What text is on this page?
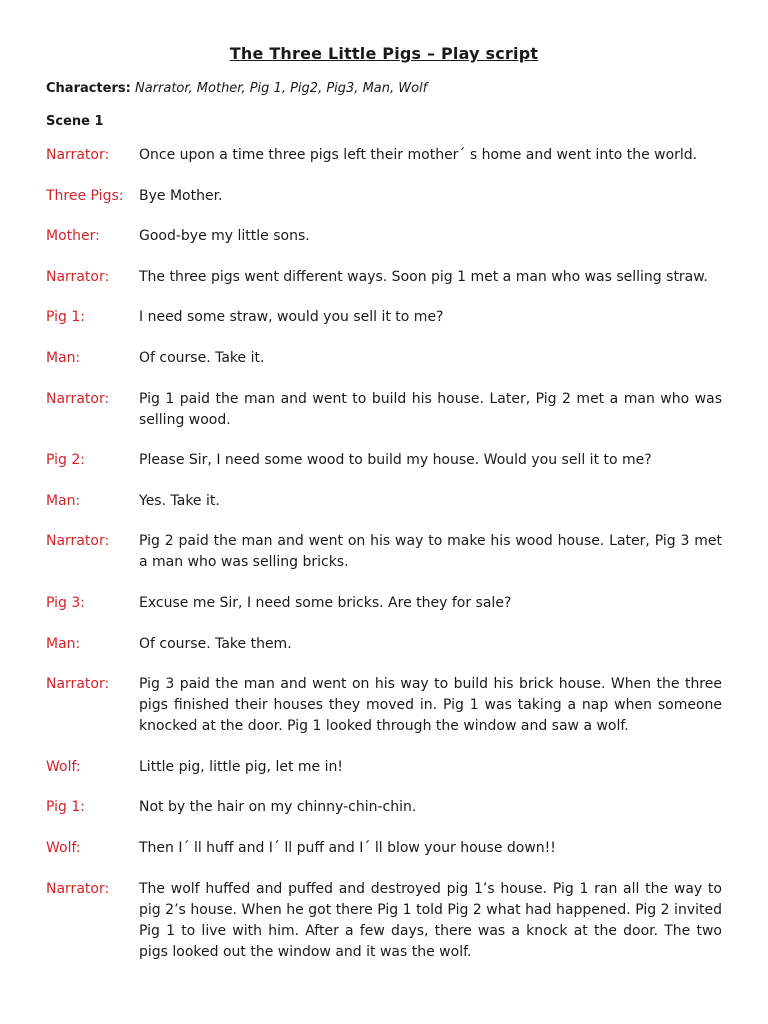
The Three Little Pigs – Play script
Characters: Narrator, Mother, Pig 1, Pig2, Pig3, Man, Wolf
Scene 1
Narrator:	Once upon a time three pigs left their mother´ s home and went into the world.
Three Pigs:	Bye Mother.
Mother:	Good-bye my little sons.
Narrator:	The three pigs went different ways. Soon pig 1 met a man who was selling straw.
Pig 1:	I need some straw, would you sell it to me?
Man:	Of course. Take it.
Narrator:	Pig 1 paid the man and went to build his house. Later, Pig 2 met a man who was selling wood.
Pig 2:	Please Sir, I need some wood to build my house. Would you sell it to me?
Man:	Yes. Take it.
Narrator:	Pig 2 paid the man and went on his way to make his wood house. Later, Pig 3 met a man who was selling bricks.
Pig 3:	Excuse me Sir, I need some bricks. Are they for sale?
Man:	Of course. Take them.
Narrator:	Pig 3 paid the man and went on his way to build his brick house. When the three pigs finished their houses they moved in. Pig 1 was taking a nap when someone knocked at the door. Pig 1 looked through the window and saw a wolf.
Wolf:	Little pig, little pig, let me in!
Pig 1:	Not by the hair on my chinny-chin-chin.
Wolf:	Then I´ ll huff and I´ ll puff and I´ ll blow your house down!!
Narrator:	The wolf huffed and puffed and destroyed pig 1’s house. Pig 1 ran all the way to pig 2’s house. When he got there Pig 1 told Pig 2 what had happened. Pig 2 invited Pig 1 to live with him. After a few days, there was a knock at the door. The two pigs looked out the window and it was the wolf.
